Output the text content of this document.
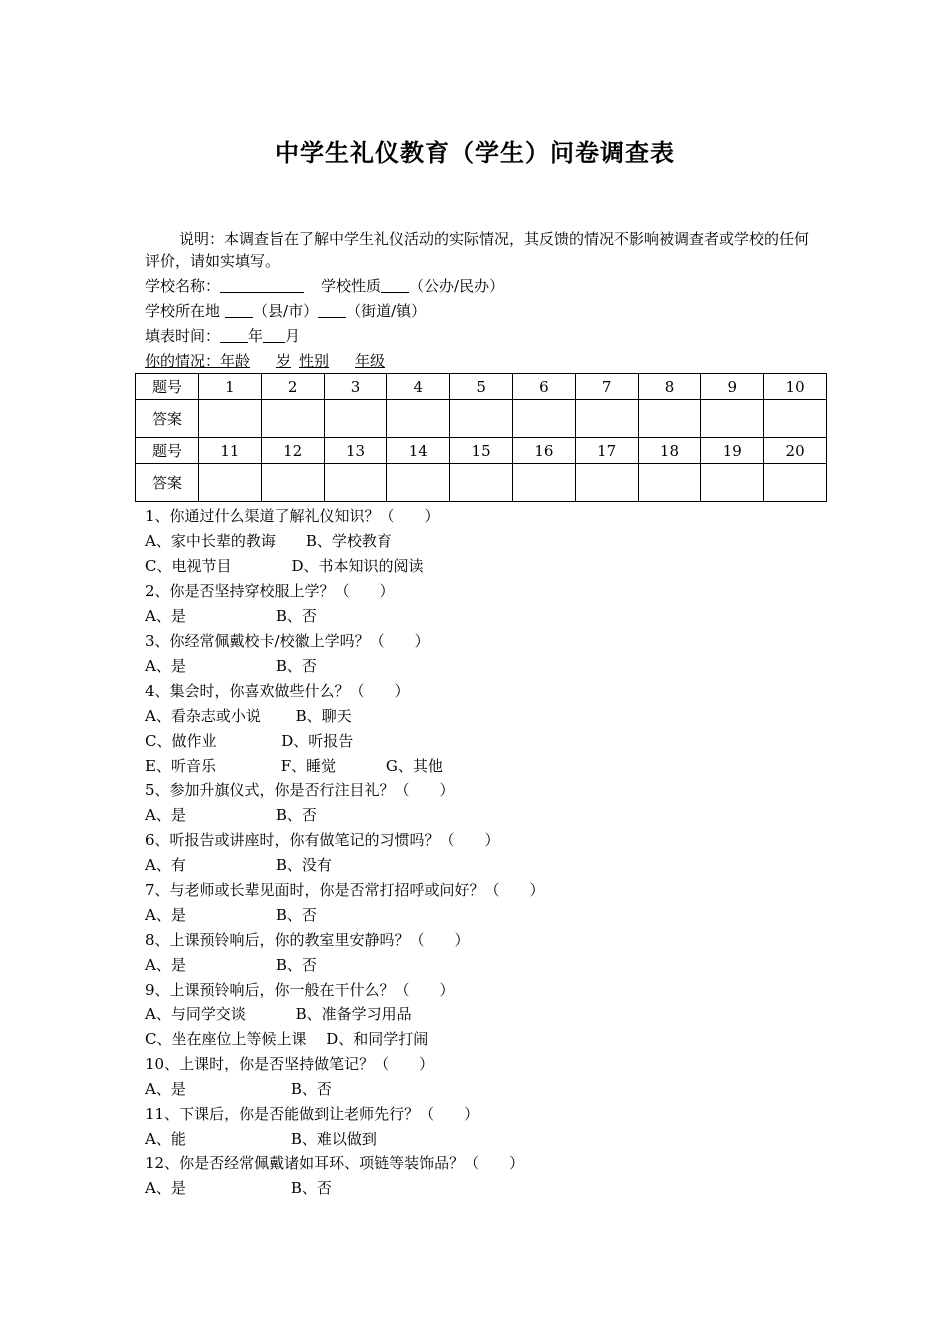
中学生礼仪教育（学生）问卷调查表
说明：本调查旨在了解中学生礼仪活动的实际情况，其反馈的情况不影响被调查者或学校的任何评价，请如实填写。
学校名称：	学校性质 （公办/民办）
学校所在地 （县/市） （街道/镇）
填表时间： 年 月
你的情况：年龄 岁 性别 年级
题号	1	2	3	4	5	6	7	8	9	10
答案										
题号	11	12	13	14	15	16	17	18	19	20
答案										
1、你通过什么渠道了解礼仪知识？（　　）
A、家中长辈的教诲　　B、学校教育
C、电视节目　　　　D、书本知识的阅读
2、你是否坚持穿校服上学？（　　）
A、是　　　　　　B、否
3、你经常佩戴校卡/校徽上学吗？（　　）
A、是　　　　　　B、否
4、集会时，你喜欢做些什么？（　　）
A、看杂志或小说　　 B、聊天
C、做作业　　　　 D、听报告
E、听音乐　　　　 F、睡觉　　　 G、其他
5、参加升旗仪式，你是否行注目礼？（　　）
A、是　　　　　　B、否
6、听报告或讲座时，你有做笔记的习惯吗？（　　）
A、有　　　　　　B、没有
7、与老师或长辈见面时，你是否常打招呼或问好？（　　）
A、是　　　　　　B、否
8、上课预铃响后，你的教室里安静吗？（　　）
A、是　　　　　　B、否
9、上课预铃响后，你一般在干什么？（　　）
A、与同学交谈　　　 B、准备学习用品
C、坐在座位上等候上课　 D、和同学打闹
10、上课时，你是否坚持做笔记？（　　）
A、是　　　　　　　B、否
11、下课后，你是否能做到让老师先行？（　　）
A、能　　　　　　　B、难以做到
12、你是否经常佩戴诸如耳环、项链等装饰品？（　　）
A、是　　　　　　　B、否
